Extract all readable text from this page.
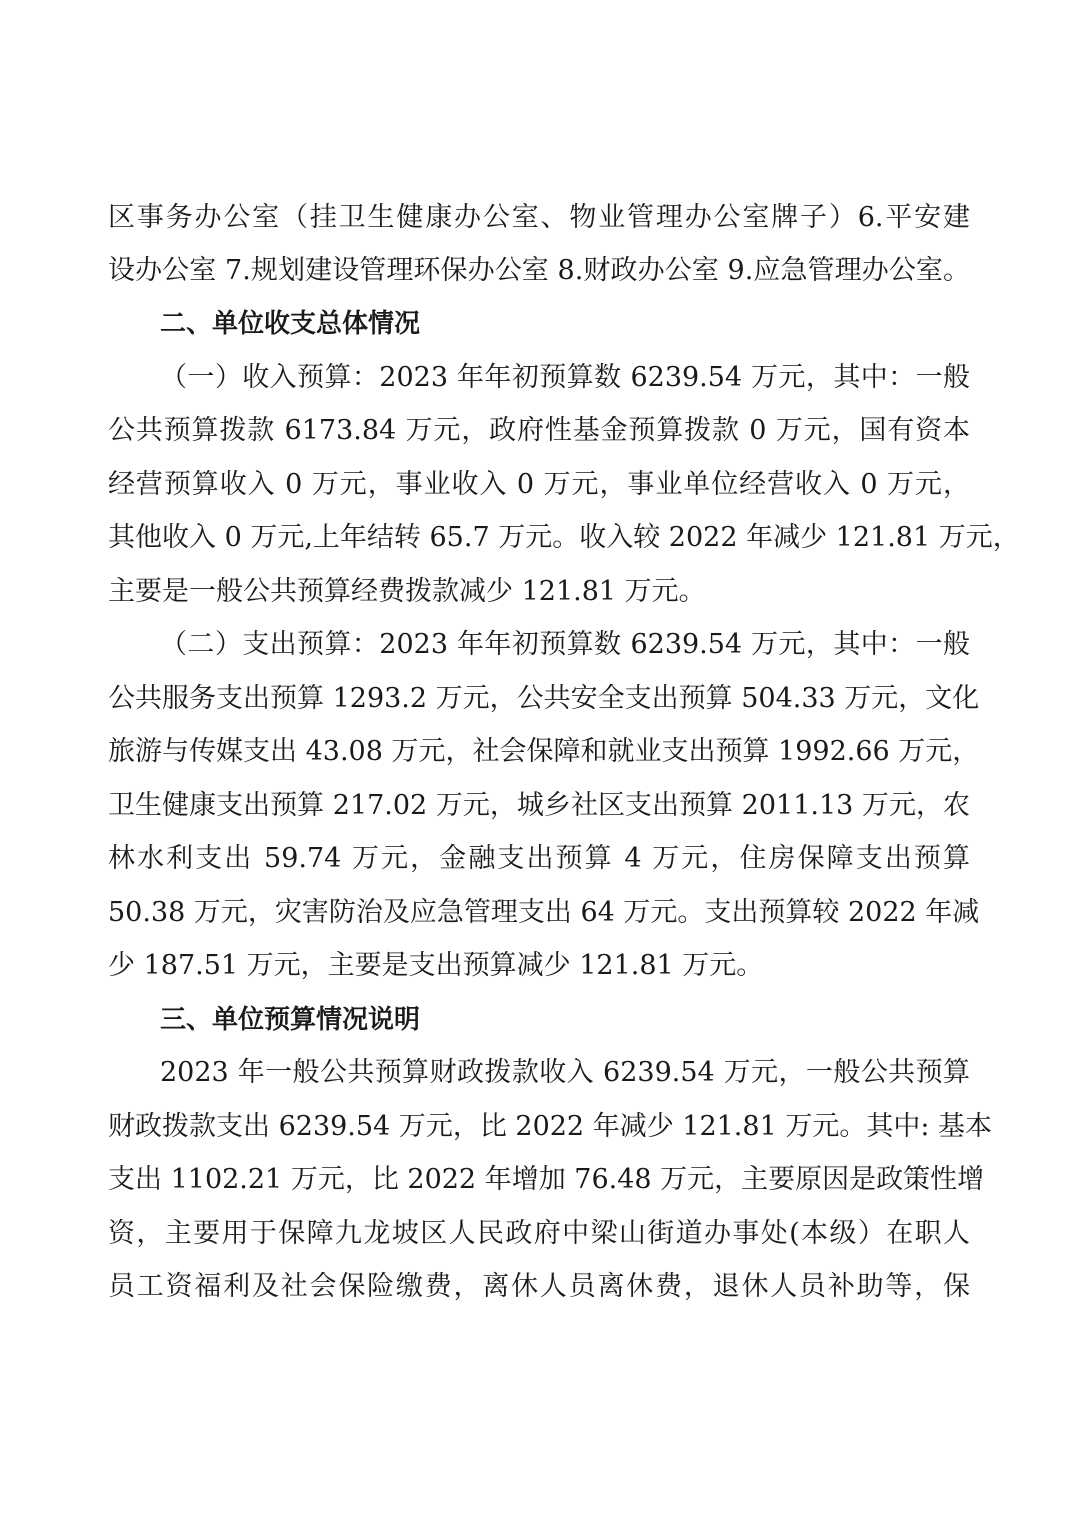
区事务办公室（挂卫生健康办公室、物业管理办公室牌子）6.平安建
设办公室 7.规划建设管理环保办公室 8.财政办公室 9.应急管理办公室。
二、单位收支总体情况
（一）收入预算：2023 年年初预算数 6239.54 万元，其中：一般
公共预算拨款 6173.84 万元，政府性基金预算拨款 0 万元，国有资本
经营预算收入 0 万元，事业收入 0 万元，事业单位经营收入 0 万元，
其他收入 0 万元,上年结转 65.7 万元。收入较 2022 年减少 121.81 万元，
主要是一般公共预算经费拨款减少 121.81 万元。
（二）支出预算：2023 年年初预算数 6239.54 万元，其中：一般
公共服务支出预算 1293.2 万元，公共安全支出预算 504.33 万元，文化
旅游与传媒支出 43.08 万元，社会保障和就业支出预算 1992.66 万元，
卫生健康支出预算 217.02 万元，城乡社区支出预算 2011.13 万元，农
林水利支出 59.74 万元，金融支出预算 4 万元，住房保障支出预算
50.38 万元，灾害防治及应急管理支出 64 万元。支出预算较 2022 年减
少 187.51 万元，主要是支出预算减少 121.81 万元。
三、单位预算情况说明
2023 年一般公共预算财政拨款收入 6239.54 万元，一般公共预算
财政拨款支出 6239.54 万元，比 2022 年减少 121.81 万元。其中: 基本
支出 1102.21 万元，比 2022 年增加 76.48 万元，主要原因是政策性增
资，主要用于保障九龙坡区人民政府中梁山街道办事处(本级）在职人
员工资福利及社会保险缴费，离休人员离休费，退休人员补助等，保
